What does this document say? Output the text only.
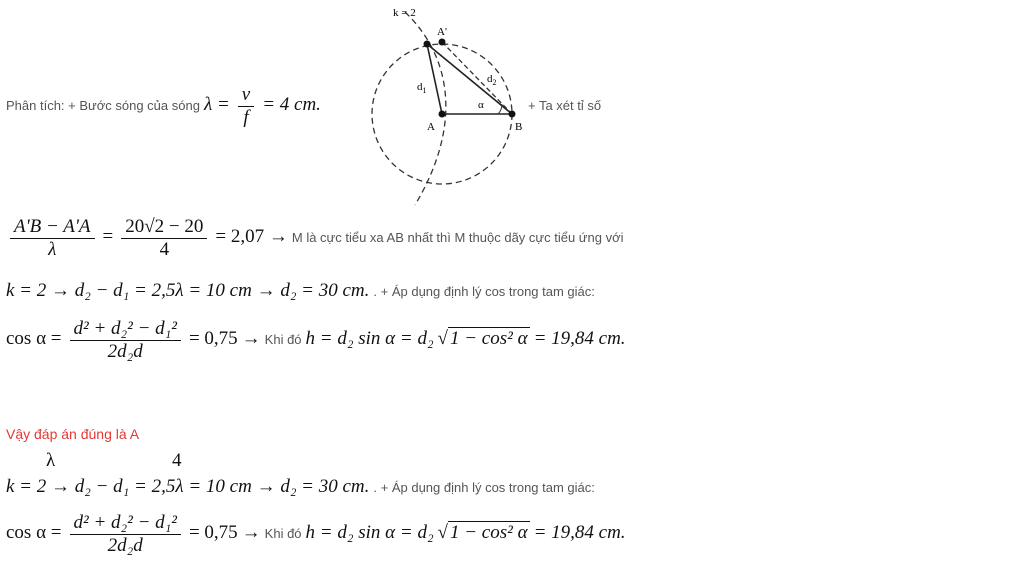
Phân tích: + Bước sóng của sóng $\lambda = \frac{v}{f} = 4$ cm.	+ Ta xét tỉ số
k = 2
A'
A	B
$d_1$
$d_2$
α
$\frac{A'B - A'A}{\lambda} = \frac{20√2 - 20}{4} = 2,07 \to M$ là cực tiểu xa AB nhất thì M thuộc dãy cực tiểu ứng với
k = 2 → d₂ − d₁ = 2,5λ = 10 cm → d₂ = 30 cm. . + Áp dụng định lý cos trong tam giác:
$\cos \alpha = \frac{\text{d² + d₂² − d₁²}}{\text{2d₂d}} = 0,75$ → Khi đó h = d₂ sin α = d₂ √ 1 − cos² α = 19,84 cm.
Vậy đáp án đúng là A
λ	4
k = 2 → d₂ − d₁ = 2,5λ = 10 cm → d₂ = 30 cm. . + Áp dụng định lý cos trong tam giác:
$\cos \alpha = \frac{\text{d² + d₂² − d₁²}}{\text{2d₂d}} = 0,75$ → Khi đó h = d₂ sin α = d₂ √ 1 − cos² α = 19,84 cm.
